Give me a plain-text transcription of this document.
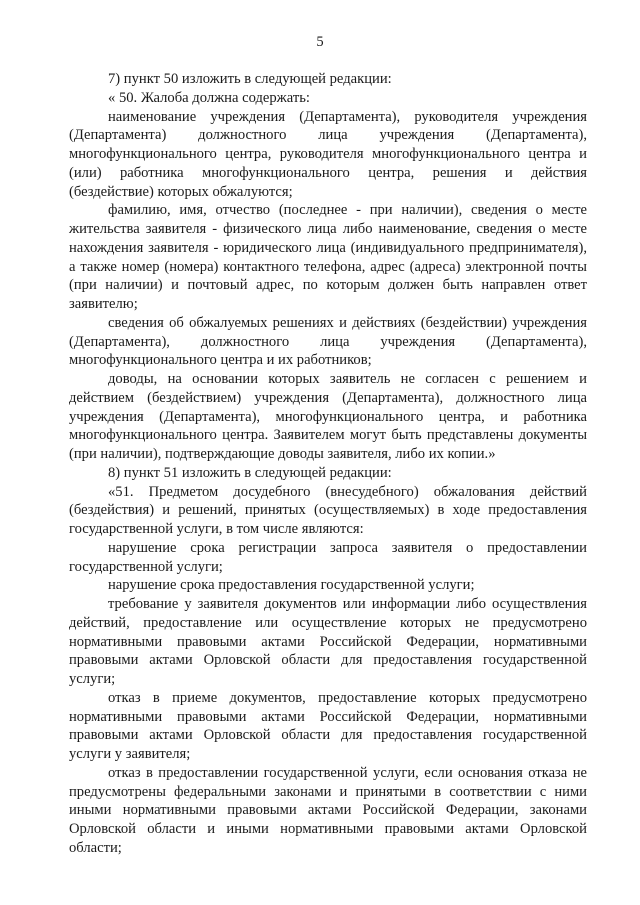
5

7) пункт 50 изложить в следующей редакции:

« 50. Жалоба должна содержать:

наименование учреждения (Департамента), руководителя учреждения (Департамента) должностного лица учреждения (Департамента), многофункционального центра, руководителя многофункционального центра и (или) работника многофункционального центра, решения и действия (бездействие) которых обжалуются;

фамилию, имя, отчество (последнее - при наличии), сведения о месте жительства заявителя - физического лица либо наименование, сведения о месте нахождения заявителя - юридического лица (индивидуального предпринимателя), а также номер (номера) контактного телефона, адрес (адреса) электронной почты (при наличии) и почтовый адрес, по которым должен быть направлен ответ заявителю;

сведения об обжалуемых решениях и действиях (бездействии) учреждения (Департамента), должностного лица учреждения (Департамента), многофункционального центра и их работников;

доводы, на основании которых заявитель не согласен с решением и действием (бездействием) учреждения (Департамента), должностного лица учреждения (Департамента), многофункционального центра, и работника многофункционального центра. Заявителем могут быть представлены документы (при наличии), подтверждающие доводы заявителя, либо их копии.»

8) пункт 51 изложить в следующей редакции:

«51. Предметом досудебного (внесудебного) обжалования действий (бездействия) и решений, принятых (осуществляемых) в ходе предоставления государственной услуги, в том числе являются:

нарушение срока регистрации запроса заявителя о предоставлении государственной услуги;

нарушение срока предоставления государственной услуги;

требование у заявителя документов или информации либо осуществления действий, предоставление или осуществление которых не предусмотрено нормативными правовыми актами Российской Федерации, нормативными правовыми актами Орловской области для предоставления государственной услуги;

отказ в приеме документов, предоставление которых предусмотрено нормативными правовыми актами Российской Федерации, нормативными правовыми актами Орловской области для предоставления государственной услуги у заявителя;

отказ в предоставлении государственной услуги, если основания отказа не предусмотрены федеральными законами и принятыми в соответствии с ними иными нормативными правовыми актами Российской Федерации, законами Орловской области и иными нормативными правовыми актами Орловской области;
